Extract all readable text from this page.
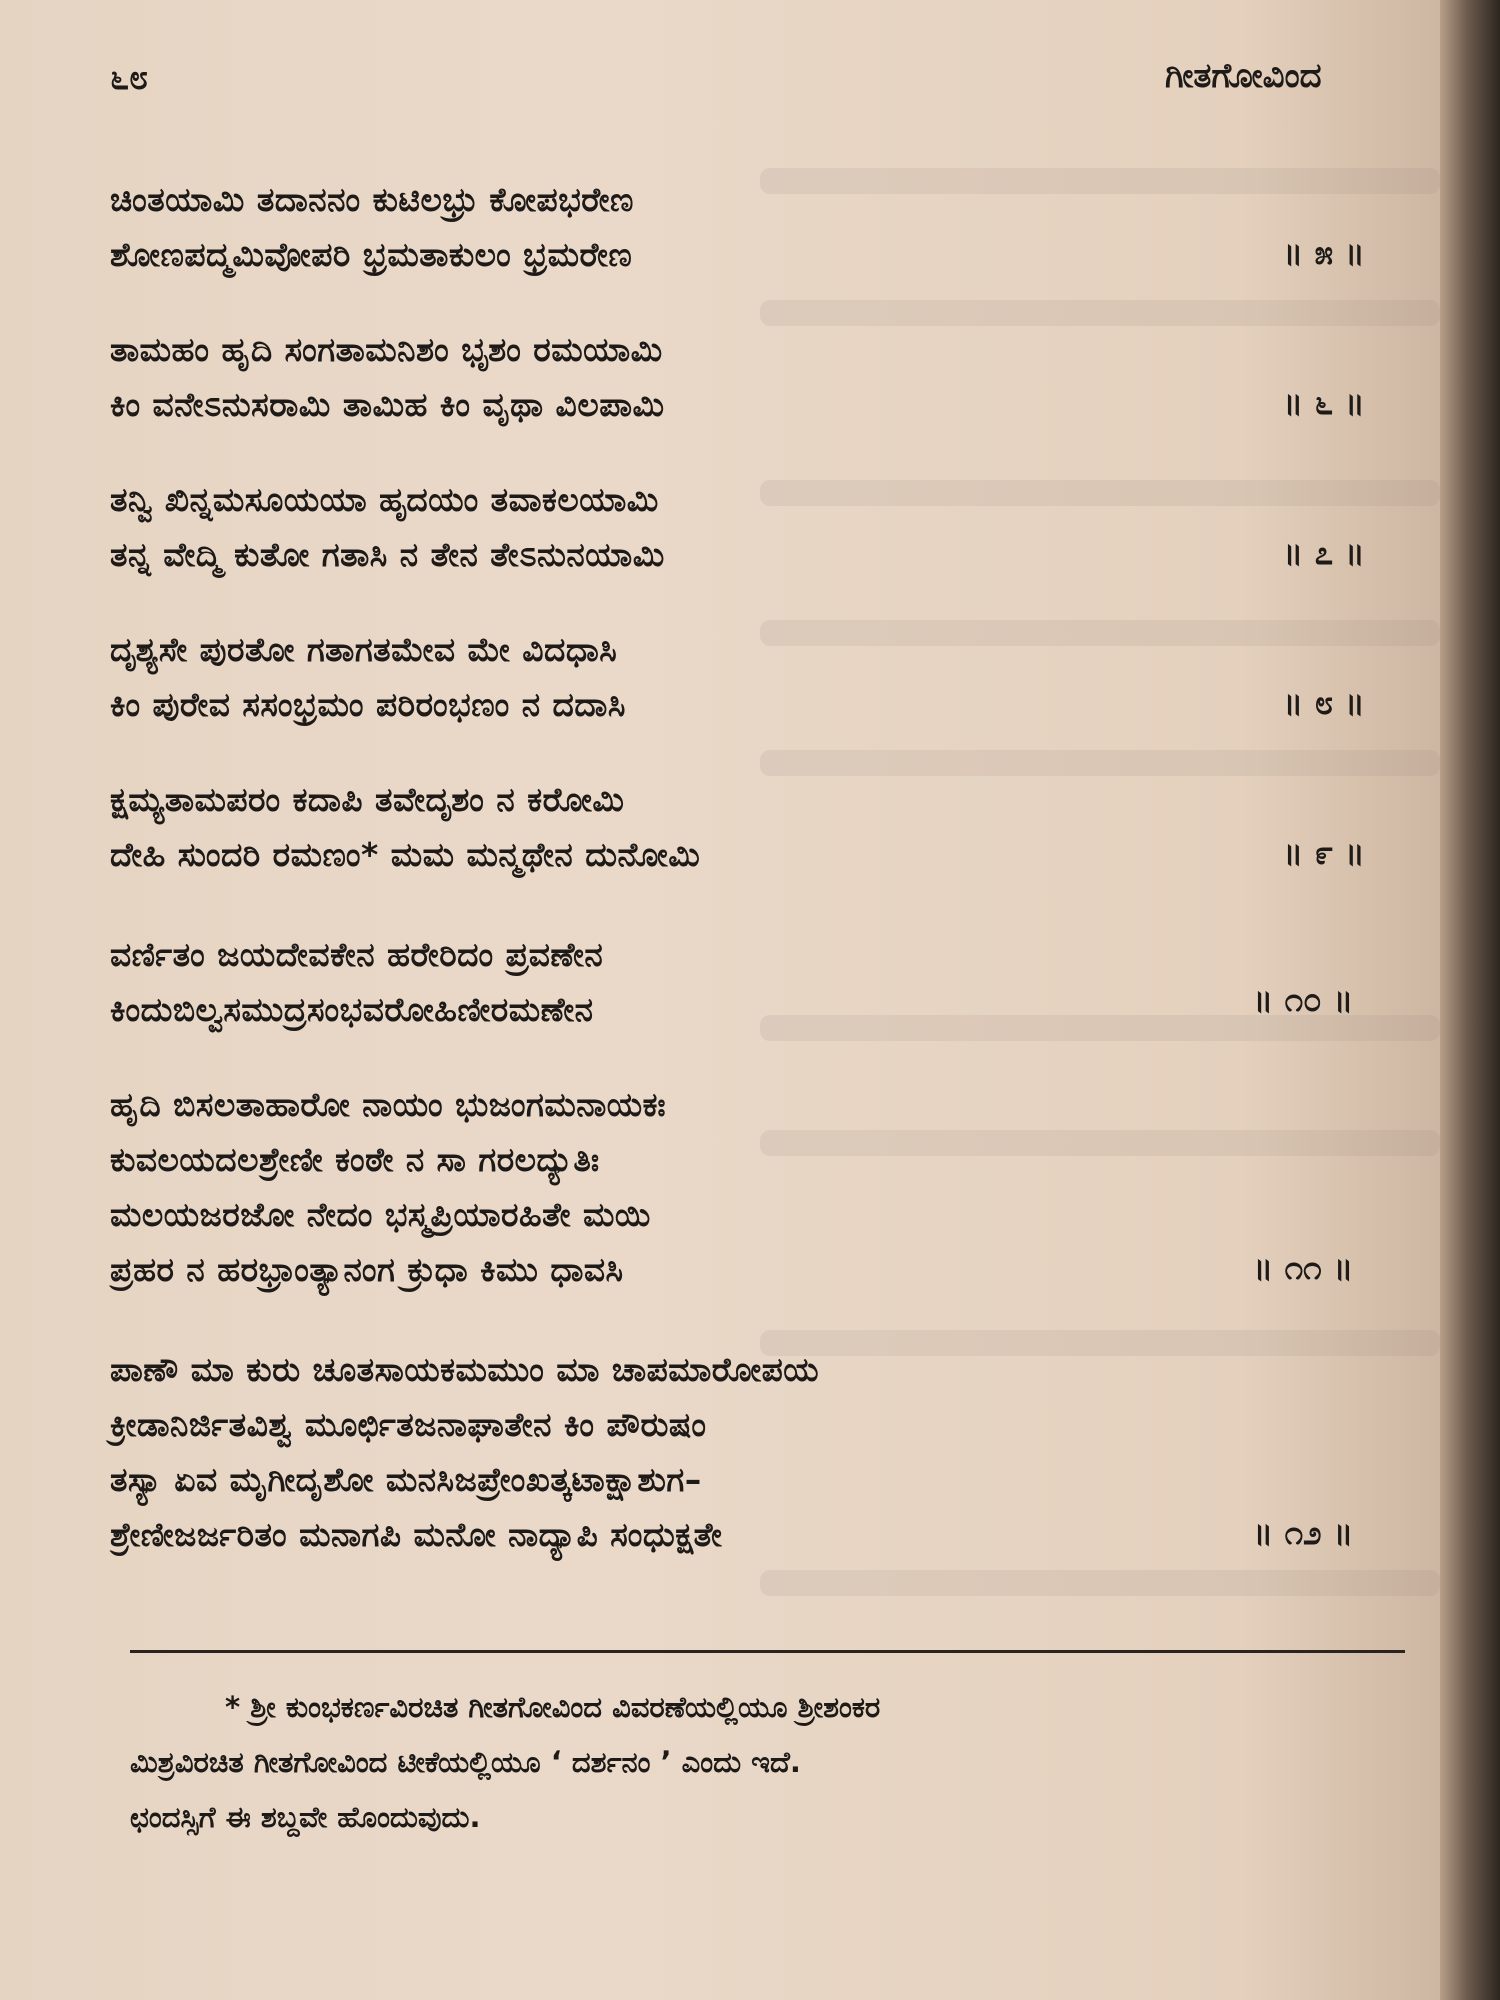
೬೮	ಗೀತಗೋವಿಂದ
ಚಿಂತಯಾಮಿ ತದಾನನಂ ಕುಟಿಲಭ್ರು ಕೋಪಭರೇಣ
ಶೋಣಪದ್ಮಮಿವೋಪರಿ ಭ್ರಮತಾಕುಲಂ ಭ್ರಮರೇಣ	॥ ೫ ॥
ತಾಮಹಂ ಹೃದಿ ಸಂಗತಾಮನಿಶಂ ಭೃಶಂ ರಮಯಾಮಿ
ಕಿಂ ವನೇಽನುಸರಾಮಿ ತಾಮಿಹ ಕಿಂ ವೃಥಾ ವಿಲಪಾಮಿ	॥ ೬ ॥
ತನ್ವಿ ಖಿನ್ನಮಸೂಯಯಾ ಹೃದಯಂ ತವಾಕಲಯಾಮಿ
ತನ್ನ ವೇದ್ಮಿ ಕುತೋ ಗತಾಸಿ ನ ತೇನ ತೇಽನುನಯಾಮಿ	॥ ೭ ॥
ದೃಶ್ಯಸೇ ಪುರತೋ ಗತಾಗತಮೇವ ಮೇ ವಿದಧಾಸಿ
ಕಿಂ ಪುರೇವ ಸಸಂಭ್ರಮಂ ಪರಿರಂಭಣಂ ನ ದದಾಸಿ	॥ ೮ ॥
ಕ್ಷಮ್ಯತಾಮಪರಂ ಕದಾಪಿ ತವೇದೃಶಂ ನ ಕರೋಮಿ
ದೇಹಿ ಸುಂದರಿ ರಮಣಂ* ಮಮ ಮನ್ಮಥೇನ ದುನೋಮಿ	॥ ೯ ॥
ವರ್ಣಿತಂ ಜಯದೇವಕೇನ ಹರೇರಿದಂ ಪ್ರವಣೇನ
ಕಿಂದುಬಿಲ್ವಸಮುದ್ರಸಂಭವರೋಹಿಣೀರಮಣೇನ	॥ ೧೦ ॥
ಹೃದಿ ಬಿಸಲತಾಹಾರೋ ನಾಯಂ ಭುಜಂಗಮನಾಯಕಃ
ಕುವಲಯದಲಶ್ರೇಣೀ ಕಂಠೇ ನ ಸಾ ಗರಲದ್ಯುತಿಃ
ಮಲಯಜರಜೋ ನೇದಂ ಭಸ್ಮಪ್ರಿಯಾರಹಿತೇ ಮಯಿ
ಪ್ರಹರ ನ ಹರಭ್ರಾಂತ್ಯಾನಂಗ ಕ್ರುಧಾ ಕಿಮು ಧಾವಸಿ	॥ ೧೧ ॥
ಪಾಣೌ ಮಾ ಕುರು ಚೂತಸಾಯಕಮಮುಂ ಮಾ ಚಾಪಮಾರೋಪಯ
ಕ್ರೀಡಾನಿರ್ಜಿತವಿಶ್ವ ಮೂರ್ಛಿತಜನಾಘಾತೇನ ಕಿಂ ಪೌರುಷಂ
ತಸ್ಯಾ ಏವ ಮೃಗೀದೃಶೋ ಮನಸಿಜಪ್ರೇಂಖತ್ಕಟಾಕ್ಷಾಶುಗ–
ಶ್ರೇಣೀಜರ್ಜರಿತಂ ಮನಾಗಪಿ ಮನೋ ನಾದ್ಯಾಪಿ ಸಂಧುಕ್ಷತೇ	॥ ೧೨ ॥
* ಶ್ರೀ ಕುಂಭಕರ್ಣವಿರಚಿತ ಗೀತಗೋವಿಂದ ವಿವರಣೆಯಲ್ಲಿಯೂ ಶ್ರೀಶಂಕರ
ಮಿಶ್ರವಿರಚಿತ ಗೀತಗೋವಿಂದ ಟೀಕೆಯಲ್ಲಿಯೂ ‘ ದರ್ಶನಂ ’ ಎಂದು ಇದೆ.
ಛಂದಸ್ಸಿಗೆ ಈ ಶಬ್ದವೇ ಹೊಂದುವುದು.
